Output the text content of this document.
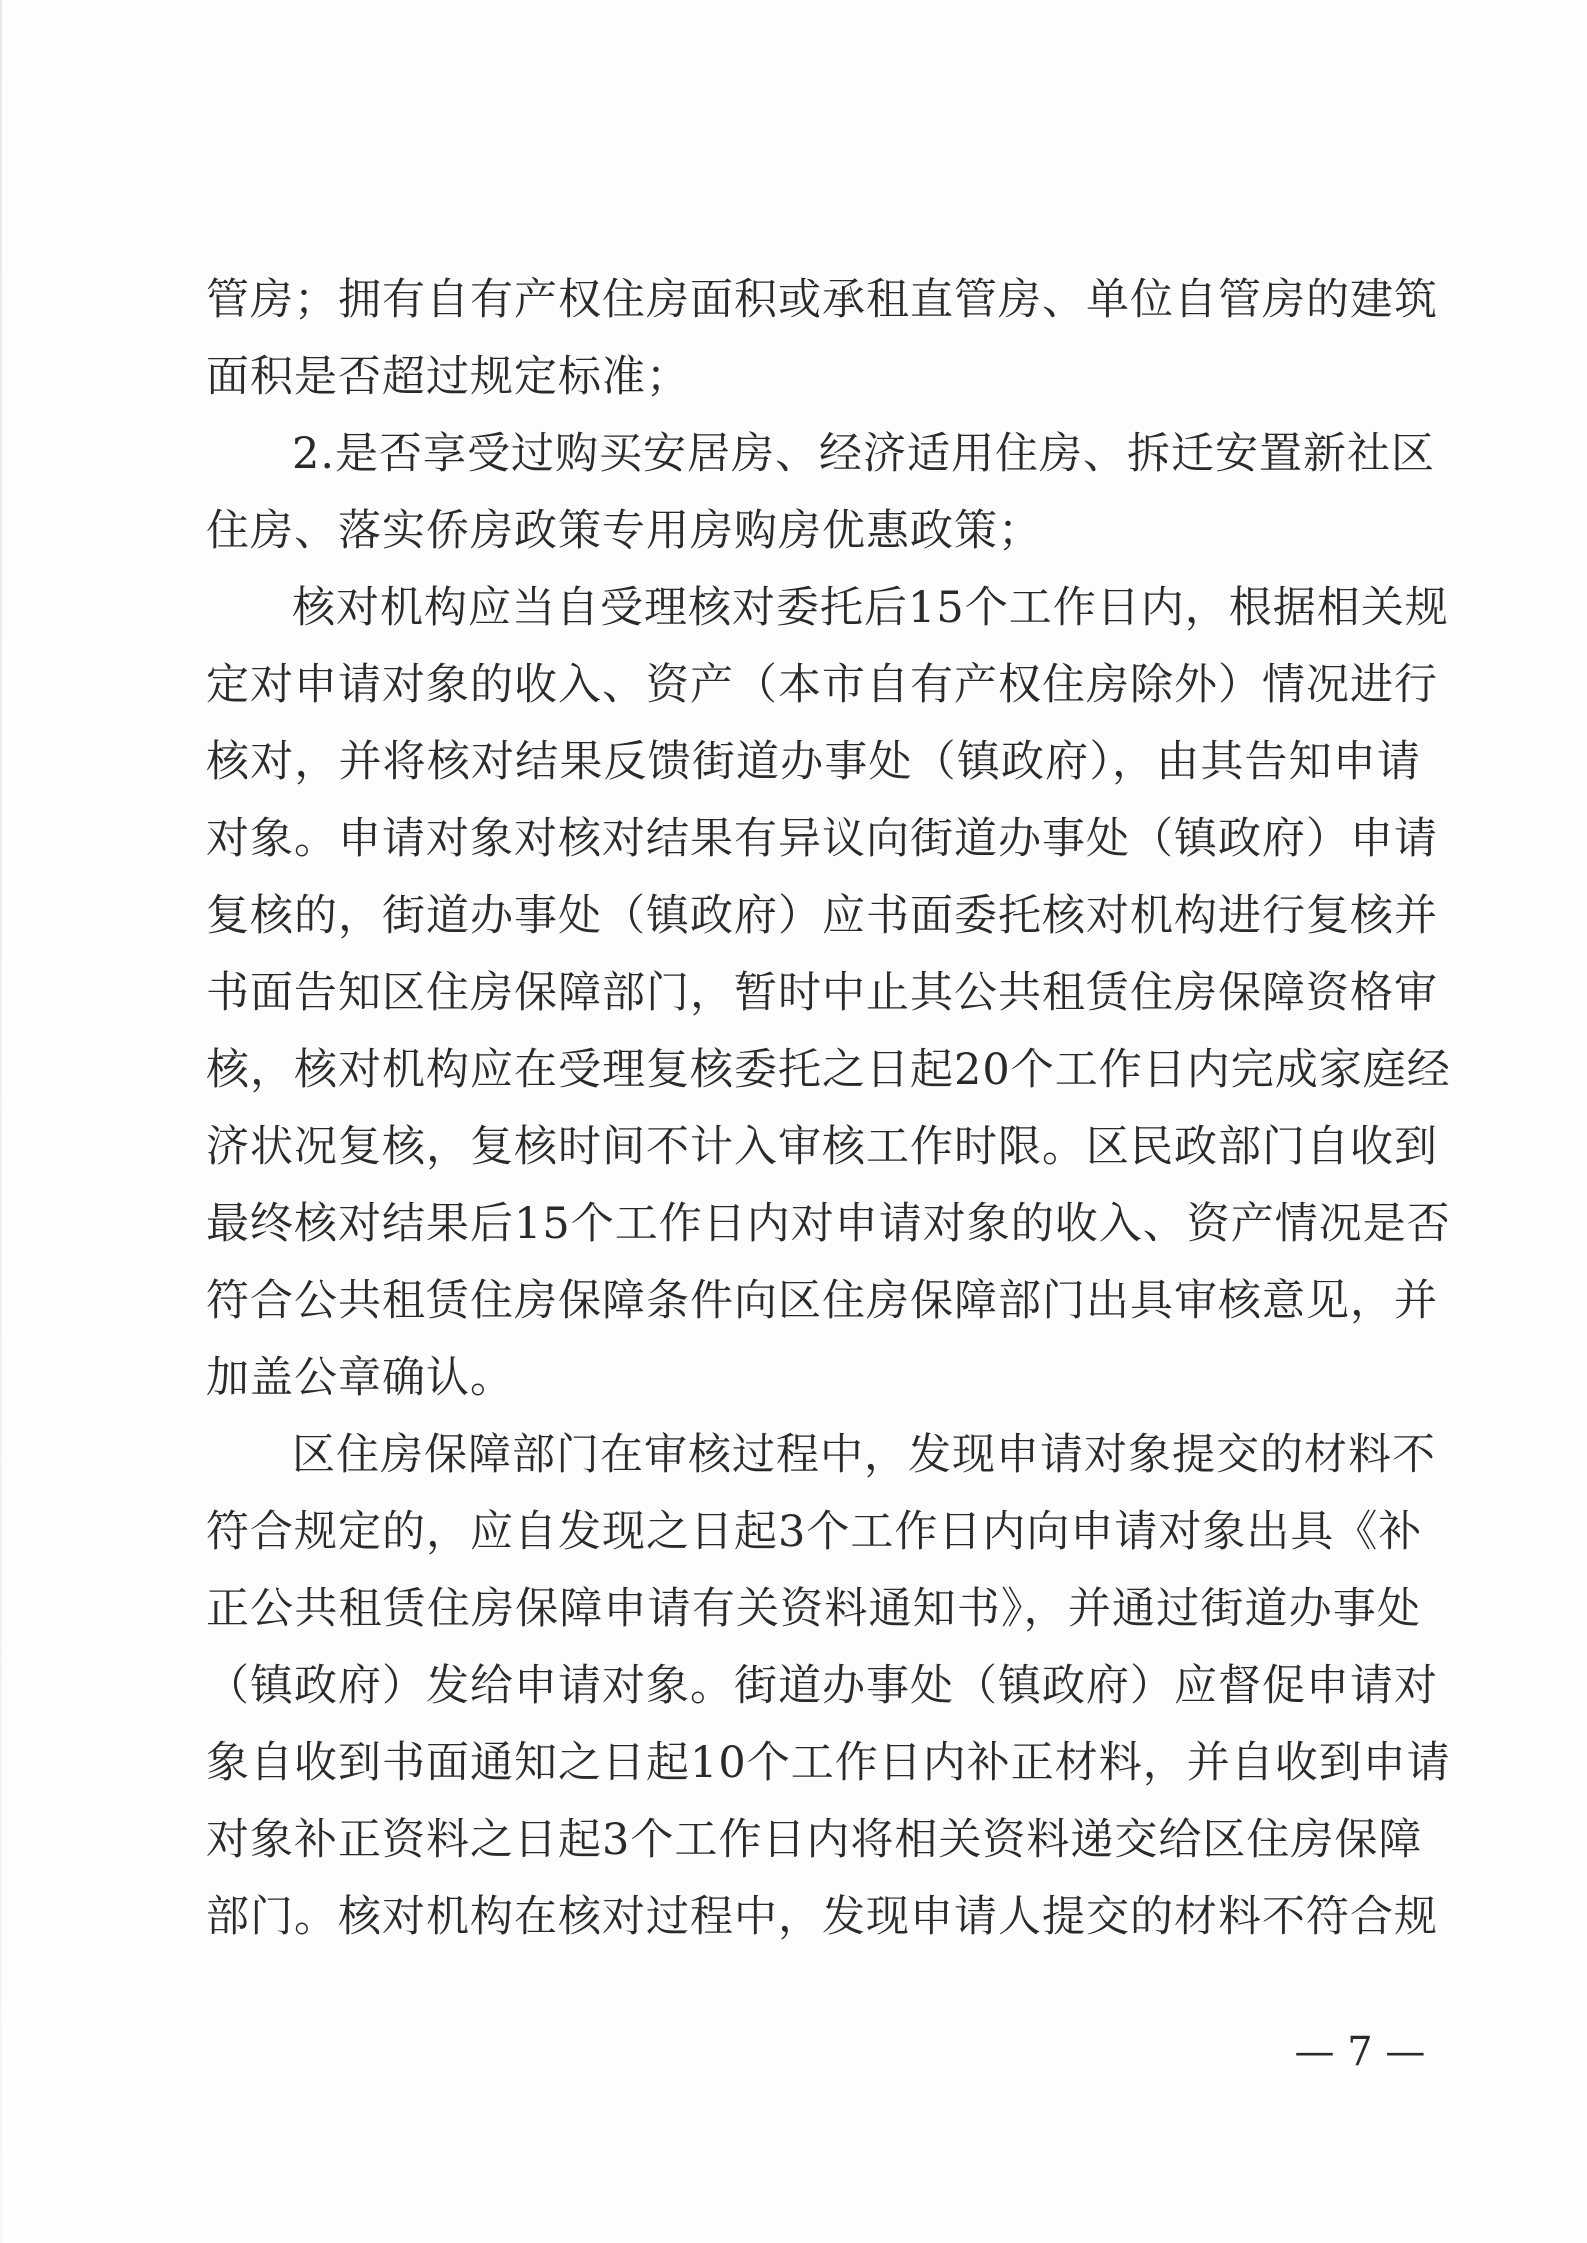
管房；拥有自有产权住房面积或承租直管房、单位自管房的建筑
面积是否超过规定标准；
2.是否享受过购买安居房、经济适用住房、拆迁安置新社区
住房、落实侨房政策专用房购房优惠政策；
核对机构应当自受理核对委托后15个工作日内，根据相关规
定对申请对象的收入、资产（本市自有产权住房除外）情况进行
核对，并将核对结果反馈街道办事处（镇政府），由其告知申请
对象。申请对象对核对结果有异议向街道办事处（镇政府）申请
复核的，街道办事处（镇政府）应书面委托核对机构进行复核并
书面告知区住房保障部门，暂时中止其公共租赁住房保障资格审
核，核对机构应在受理复核委托之日起20个工作日内完成家庭经
济状况复核，复核时间不计入审核工作时限。区民政部门自收到
最终核对结果后15个工作日内对申请对象的收入、资产情况是否
符合公共租赁住房保障条件向区住房保障部门出具审核意见，并
加盖公章确认。
区住房保障部门在审核过程中，发现申请对象提交的材料不
符合规定的，应自发现之日起3个工作日内向申请对象出具《补
正公共租赁住房保障申请有关资料通知书》，并通过街道办事处
（镇政府）发给申请对象。街道办事处（镇政府）应督促申请对
象自收到书面通知之日起10个工作日内补正材料，并自收到申请
对象补正资料之日起3个工作日内将相关资料递交给区住房保障
部门。核对机构在核对过程中，发现申请人提交的材料不符合规
— 7 —
